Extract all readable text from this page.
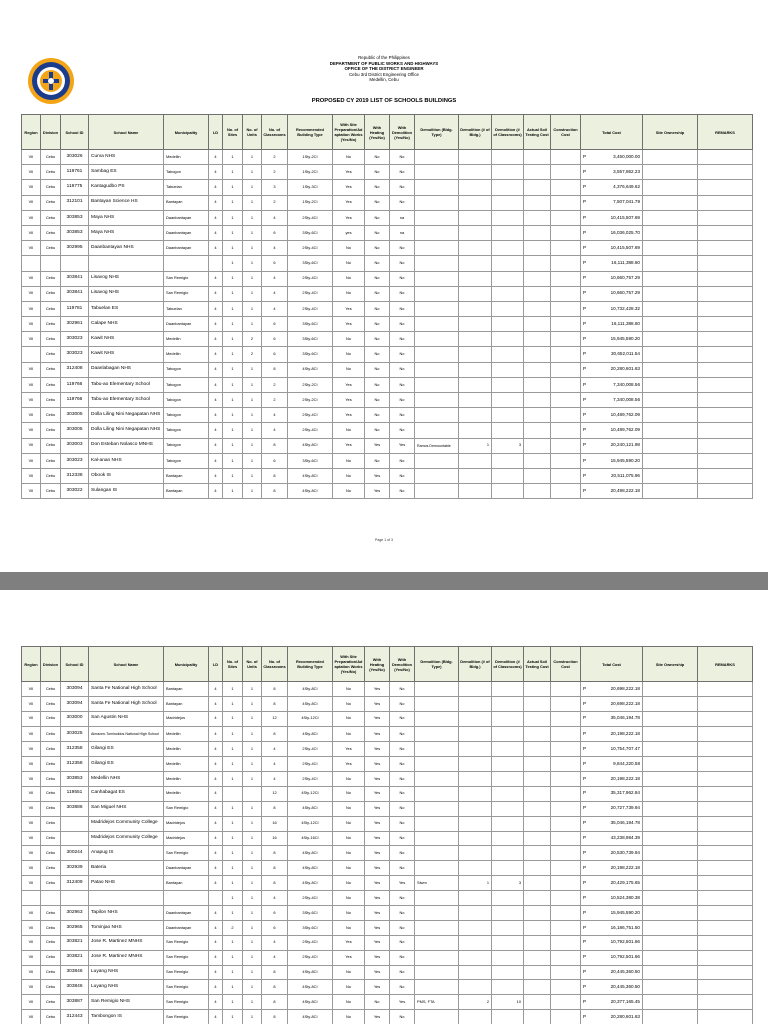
Republic of the Philippines
DEPARTMENT OF PUBLIC WORKS AND HIGHWAYS
OFFICE OF THE DISTRICT ENGINEER
Cebu 3rd District Engineering Office
Medellin, Cebu
PROPOSED CY 2019 LIST OF SCHOOLS BUILDINGS
Region	Division	School ID	School Name	Municipality	LD	No. of Sites	No. of Units	No. of Classrooms	Recommended Building Type	With Site Preparation/Ad aptation Works (Yes/No)	With Heating (Yes/No)	With Demolition (Yes/No)	Demolition (Bldg. Type)	Demolition (# of Bldg.)	Demolition (# of Classrooms)	Actual Soil Testing Cost	Construction Cost	Total Cost	Site Ownership	REMARKS
VII	Cebu	303026	Curva NHS	Medellin	4	1	1	2	1Sty-2CI	No	No	No						P 3,450,000.00		
VII	Cebu	119761	Sambag ES	Tabogon	4	1	1	2	1Sty-2CI	Yes	No	No						P 3,557,862.23		
VII	Cebu	119775	Kantagudbo PS	Tabuelan	4	1	1	3	1Sty-3CI	Yes	No	No						P 4,376,649.62		
VII	Cebu	312101	Bantayan Science HS	Bantayan	4	1	1	2	1Sty-2CI	Yes	No	No						P 7,507,041.79		
VII	Cebu	303853	Maya NHS	Daanbantayan	4	1	1	4	2Sty-4CI	Yes	No	na						P 10,415,507.69		
VII	Cebu	303853	Maya NHS	Daanbantayan	4	1	1	6	3Sty-6CI	yes	No	na						P 16,036,025.70		
VII	Cebu	302995	Daanbantayan NHS	Daanbantayan	4	1	1	4	2Sty-4CI	No	No	No						P 10,415,507.69		
						1	1	6	3Sty-6CI	No	No	No						P 16,111,388.60		
VII	Cebu	303841	Lisavog NHS	San Remigio	4	1	1	4	2Sty-4CI	No	No	No						P 10,660,757.29		
VII	Cebu	303841	Lisavog NHS	San Remigio	4	1	1	4	2Sty-4CI	No	No	No						P 10,660,757.29		
VII	Cebu	119781	Tabuelan ES	Tabuelan	4	1	1	4	2Sty-4CI	Yes	No	No						P 10,732,428.32		
VII	Cebu	302961	Calape NHS	Daanbantayan	4	1	1	6	3Sty-6CI	Yes	No	No						P 16,111,388.60		
VII	Cebu	303023	Kawit NHS	Medellin	4	1	2	6	3Sty-6CI	No	No	No						P 15,945,590.20		
	Cebu	303023	Kawit NHS	Medellin	4	1	2	6	3Sty-6CI	No	No	No						P 30,652,011.54		
VII	Cebu	312408	Daanlabagan NHS	Tabogon	4	1	1	8	4Sty-8CI	No	No	No						P 20,280,601.63		
VII	Cebu	119766	Tabu-ao Elementary School	Tabogon	4	1	1	2	2Sty-2CI	Yes	No	No						P 7,340,008.56		
VII	Cebu	119766	Tabu-ao Elementary School	Tabogon	4	1	1	2	2Sty-2CI	Yes	No	No						P 7,340,008.56		
VII	Cebu	303005	Dolla Liling Nini Negapatan NHS	Tabogon	4	1	1	4	2Sty-4CI	Yes	No	No						P 10,489,762.09		
VII	Cebu	303005	Dolla Liling Nini Negapatan NHS	Tabogon	4	1	1	4	2Sty-4CI	No	No	No						P 10,489,762.09		
VII	Cebu	303003	Don Esteban Nolasco MNHS	Tabogon	4	1	1	8	4Sty-8CI	Yes	Yes	Yes	Ramos Demountable	1	3			P 20,240,121.98		
VII	Cebu	303023	Kal-anan NHS	Tabogon	4	1	1	6	3Sty-6CI	No	No	No						P 15,945,590.20		
VII	Cebu	312338	Obook IS	Bantayan	4	1	1	8	4Sty-8CI	No	Yes	No						P 20,511,075.96		
VII	Cebu	303022	Sulangan IS	Bantayan	4	1	1	8	4Sty-8CI	No	Yes	No						P 20,498,222.18		
Page 1 of 3
Region	Division	School ID	School Name	Municipality	LD	No. of Sites	No. of Units	No. of Classrooms	Recommended Building Type	With Site Preparation/Ad aptation Works (Yes/No)	With Heating (Yes/No)	With Demolition (Yes/No)	Demolition (Bldg. Type)	Demolition (# of Bldg.)	Demolition (# of Classrooms)	Actual Soil Testing Cost	Construction Cost	Total Cost	Site Ownership	REMARKS
VII	Cebu	303094	Santa Fe National High School	Bantayan	4	1	1	8	4Sty-8CI	No	Yes	No						P 20,698,222.18		
VII	Cebu	303094	Santa Fe National High School	Bantayan	4	1	1	8	4Sty-8CI	No	Yes	No						P 20,698,222.18		
VII	Cebu	303000	San Agustin NHS	Madridejos	4	1	1	12	4Sty-12CI	No	Yes	No						P 35,046,194.78		
VII	Cebu	303025	Almacen-Tominoldos National High School	Medellin	4	1	1	8	4Sty-8CI	No	Yes	No						P 20,198,222.18		
VII	Cebu	312358	Gilangi ES	Medellin	4	1	1	4	2Sty-4CI	Yes	Yes	No						P 10,754,707.47		
VII	Cebu	312358	Gilangi ES	Medellin	4	1	1	4	2Sty-4CI	Yes	Yes	No						P 9,844,220.58		
VII	Cebu	303853	Medellin NHS	Medellin	4	1	1	4	2Sty-4CI	No	Yes	No						P 20,198,222.18		
VII	Cebu	119551	Canhabagat ES	Medellin	4			12	4Sty-12CI	No	Yes	No						P 35,317,962.84		
VII	Cebu	303886	San Miguel NHS	San Remigio	4	1	1	8	4Sty-8CI	No	Yes	No						P 20,727,739.94		
VII	Cebu		Madridejos Community College	Madridejos	4	1	1	16	4Sty-12CI	No	Yes	No						P 35,046,194.78		
VII	Cebu		Madridejos Community College	Madridejos	4	1	1	16	4Sty-16CI	No	Yes	No						P 43,238,984.39		
VII	Cebu	300244	Anapug IS	San Remigio	4	1	1	8	4Sty-8CI	No	Yes	No						P 20,530,739.94		
VII	Cebu	302939	Bateria	Daanbantayan	4	1	1	8	4Sty-8CI	No	Yes	No						P 20,198,222.18		
VII	Cebu	312409	Patao NHS	Bantayan	4	1	1	8	4Sty-8CI	No	Yes	Yes	Stwm	1	3			P 20,429,175.65		
						1	1	4	2Sty-4CI	No	Yes	No						P 10,524,380.38		
VII	Cebu	302963	Tapilon NHS	Daanbantayan	4	1	1	6	3Sty-6CI	No	Yes	No						P 15,945,590.20		
VII	Cebu	302965	Tominjao NHS	Daanbantayan	4	2	1	6	3Sty-6CI	No	Yes	No						P 16,186,751.50		
VII	Cebu	303821	Jose R. Martinez MNHS	San Remigio	4	1	1	4	2Sty-4CI	Yes	Yes	No						P 10,792,501.66		
VII	Cebu	303821	Jose R. Martinez MNHS	San Remigio	4	1	1	4	2Sty-4CI	Yes	Yes	No						P 10,792,501.66		
VII	Cebu	303846	Luyang NHS	San Remigio	4	1	1	8	4Sty-8CI	No	Yes	No						P 20,445,360.50		
VII	Cebu	303846	Luyang NHS	San Remigio	4	1	1	8	4Sty-8CI	No	Yes	No						P 20,445,360.50		
VII	Cebu	303887	San Remigio NHS	San Remigio	4	1	1	8	4Sty-8CI	No	No	Yes	PMS, FTA	2	10			P 20,377,165.45		
VII	Cebu	312443	Tambongon IS	San Remigio	4	1	1	8	4Sty-8CI	No	Yes	No						P 20,280,601.63		
